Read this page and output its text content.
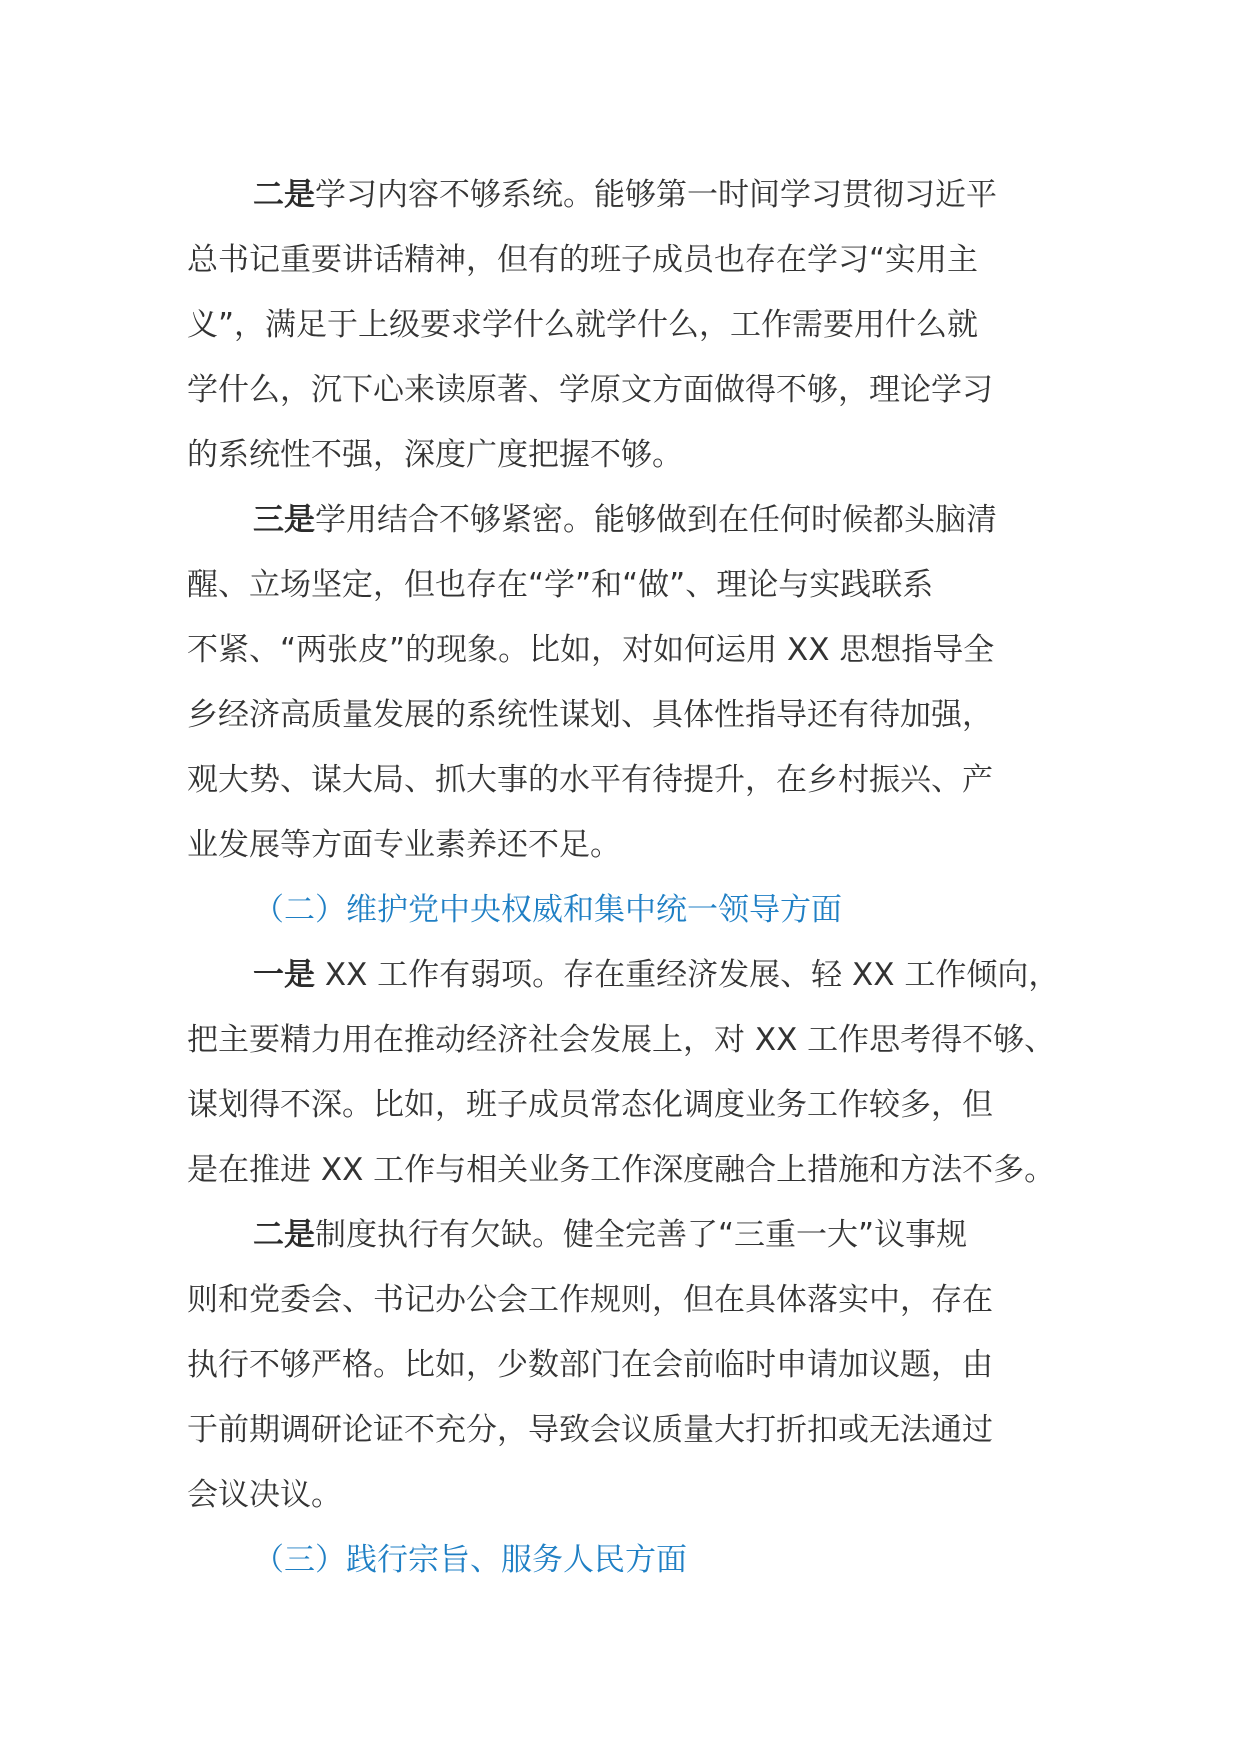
二是学习内容不够系统。能够第一时间学习贯彻习近平
总书记重要讲话精神，但有的班子成员也存在学习“实用主
义”，满足于上级要求学什么就学什么，工作需要用什么就
学什么，沉下心来读原著、学原文方面做得不够，理论学习
的系统性不强，深度广度把握不够。
三是学用结合不够紧密。能够做到在任何时候都头脑清
醒、立场坚定，但也存在“学”和“做”、理论与实践联系
不紧、“两张皮”的现象。比如，对如何运用 XX 思想指导全
乡经济高质量发展的系统性谋划、具体性指导还有待加强，
观大势、谋大局、抓大事的水平有待提升，在乡村振兴、产
业发展等方面专业素养还不足。
（二）维护党中央权威和集中统一领导方面
一是 XX 工作有弱项。存在重经济发展、轻 XX 工作倾向，
把主要精力用在推动经济社会发展上，对 XX 工作思考得不够、
谋划得不深。比如，班子成员常态化调度业务工作较多，但
是在推进 XX 工作与相关业务工作深度融合上措施和方法不多。
二是制度执行有欠缺。健全完善了“三重一大”议事规
则和党委会、书记办公会工作规则，但在具体落实中，存在
执行不够严格。比如，少数部门在会前临时申请加议题，由
于前期调研论证不充分，导致会议质量大打折扣或无法通过
会议决议。
（三）践行宗旨、服务人民方面
